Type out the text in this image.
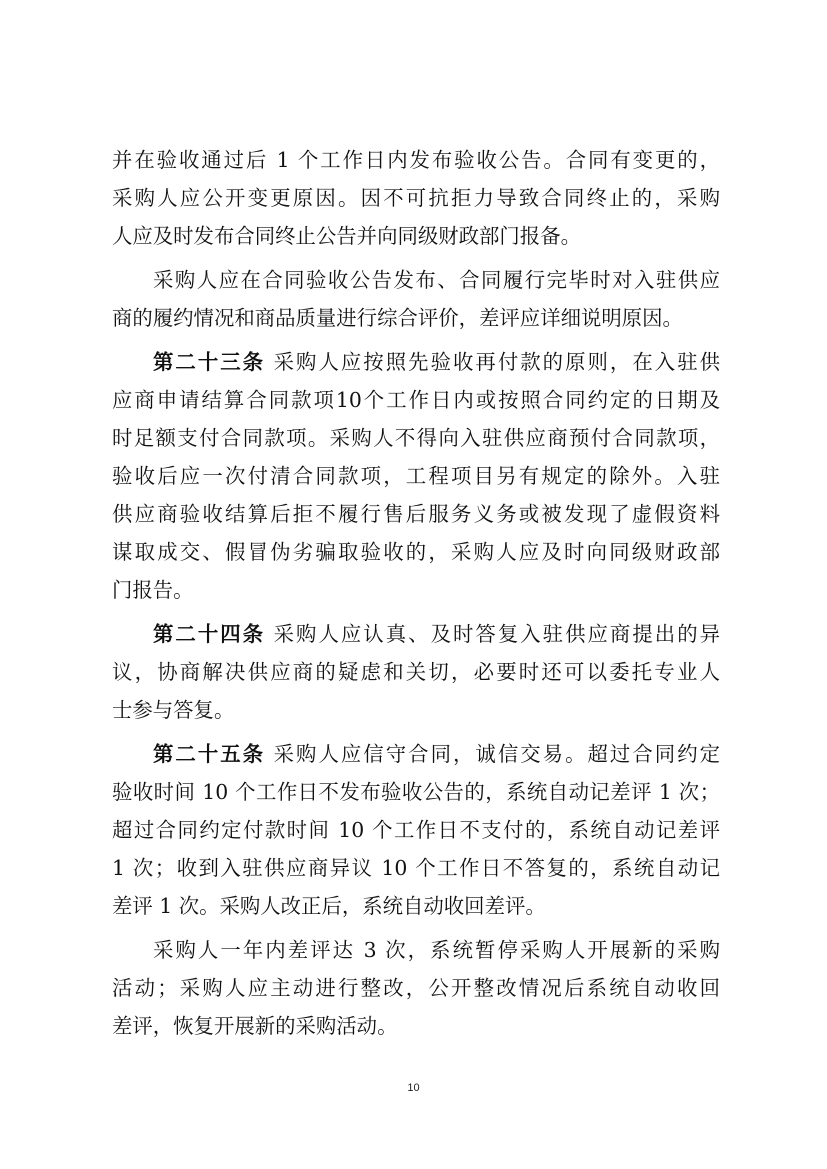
并在验收通过后 1 个工作日内发布验收公告。合同有变更的，
采购人应公开变更原因。因不可抗拒力导致合同终止的，采购
人应及时发布合同终止公告并向同级财政部门报备。
采购人应在合同验收公告发布、合同履行完毕时对入驻供应
商的履约情况和商品质量进行综合评价，差评应详细说明原因。
第二十三条 采购人应按照先验收再付款的原则，在入驻供
应商申请结算合同款项10个工作日内或按照合同约定的日期及
时足额支付合同款项。采购人不得向入驻供应商预付合同款项，
验收后应一次付清合同款项，工程项目另有规定的除外。入驻
供应商验收结算后拒不履行售后服务义务或被发现了虚假资料
谋取成交、假冒伪劣骗取验收的，采购人应及时向同级财政部
门报告。
第二十四条 采购人应认真、及时答复入驻供应商提出的异
议，协商解决供应商的疑虑和关切，必要时还可以委托专业人
士参与答复。
第二十五条 采购人应信守合同，诚信交易。超过合同约定
验收时间 10 个工作日不发布验收公告的，系统自动记差评 1 次；
超过合同约定付款时间 10 个工作日不支付的，系统自动记差评
1 次；收到入驻供应商异议 10 个工作日不答复的，系统自动记
差评 1 次。采购人改正后，系统自动收回差评。
采购人一年内差评达 3 次，系统暂停采购人开展新的采购
活动；采购人应主动进行整改，公开整改情况后系统自动收回
差评，恢复开展新的采购活动。
10
